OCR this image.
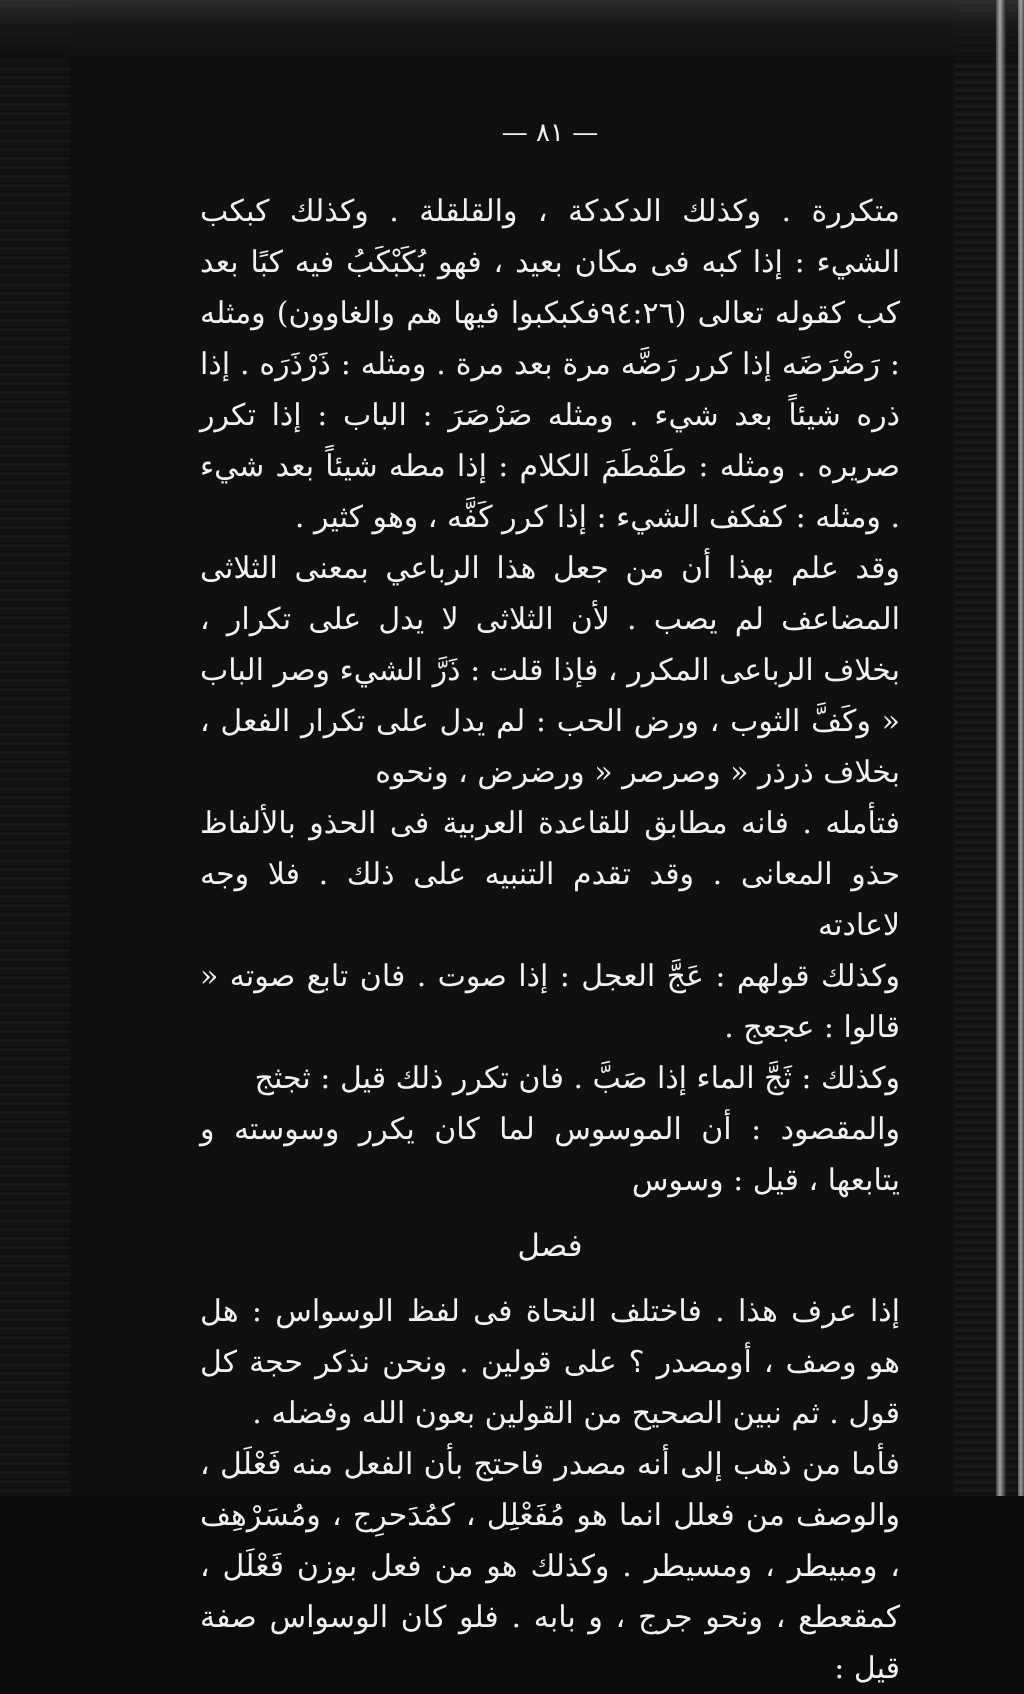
— ٨١ —

متكررة . وكذلك الدكدكة ، والقلقلة . وكذلك كبكب الشيء : إذا كبه فى مكان بعيد ، فهو يُكَبْكَبُ فيه كبًا بعد كب كقوله تعالى (٩٤:٢٦فكبكبوا فيها هم والغاوون) ومثله : رَضْرَضَه إذا كرر رَضَّه مرة بعد مرة . ومثله : ذَرْذَرَه . إذا ذره شيئاً بعد شيء . ومثله صَرْصَرَ : الباب : إذا تكرر صريره . ومثله : طَمْطَمَ الكلام : إذا مطه شيئاً بعد شيء . ومثله : كفكف الشيء : إذا كرر كَفَّه ، وهو كثير .

وقد علم بهذا أن من جعل هذا الرباعي بمعنى الثلاثى المضاعف لم يصب . لأن الثلاثى لا يدل على تكرار ، بخلاف الرباعى المكرر ، فإذا قلت : ذَرَّ الشيء وصر الباب « وكَفَّ الثوب ، ورض الحب : لم يدل على تكرار الفعل ، بخلاف ذرذر « وصرصر « ورضرض ، ونحوه

فتأمله . فانه مطابق للقاعدة العربية فى الحذو بالألفاظ حذو المعانى . وقد تقدم التنبيه على ذلك . فلا وجه لاعادته

وكذلك قولهم : عَجَّ العجل : إذا صوت . فان تابع صوته « قالوا : عجعج .

وكذلك : ثَجَّ الماء إذا صَبَّ . فان تكرر ذلك قيل : ثجثج

والمقصود : أن الموسوس لما كان يكرر وسوسته و يتابعها ، قيل : وسوس

فصل

إذا عرف هذا . فاختلف النحاة فى لفظ الوسواس : هل هو وصف ، أومصدر ؟ على قولين . ونحن نذكر حجة كل قول . ثم نبين الصحيح من القولين بعون الله وفضله .

فأما من ذهب إلى أنه مصدر فاحتج بأن الفعل منه فَعْلَل ، والوصف من فعلل انما هو مُفَعْلِل ، كمُدَحرِج ، ومُسَرْهِف ، ومبيطر ، ومسيطر . وكذلك هو من فعل بوزن فَعْلَل ، كمقعطع ، ونحو جرج ، و بابه . فلو كان الوسواس صفة قيل :
